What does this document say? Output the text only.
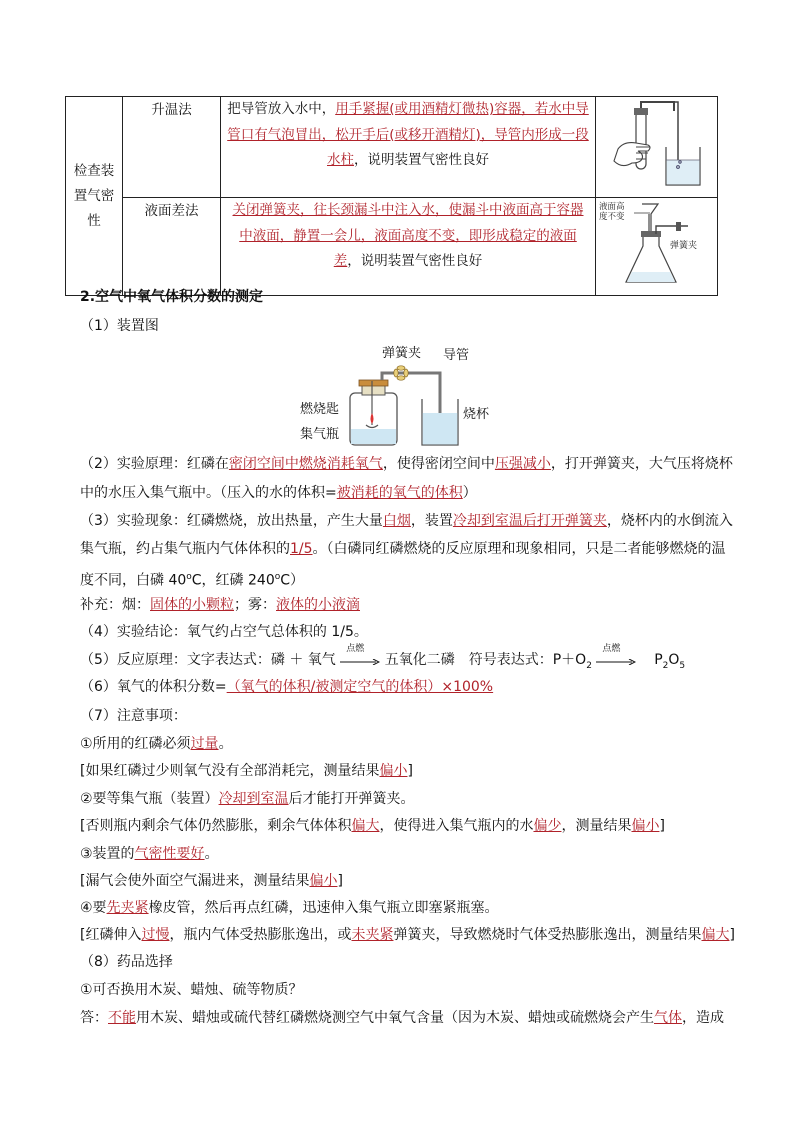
检查装置气密性	升温法	把导管放入水中，用手紧握(或用酒精灯微热)容器，若水中导管口有气泡冒出，松开手后(或移开酒精灯)，导管内形成一段水柱，说明装置气密性良好	
	液面差法	关闭弹簧夹，往长颈漏斗中注入水，使漏斗中液面高于容器中液面，静置一会儿，液面高度不变，即形成稳定的液面差，说明装置气密性良好	液面高
度不变
弹簧夹
2.空气中氧气体积分数的测定
（1）装置图
弹簧夹 导管
燃烧匙
集气瓶
烧杯
（2）实验原理：红磷在密闭空间中燃烧消耗氧气，使得密闭空间中压强减小，打开弹簧夹，大气压将烧杯
中的水压入集气瓶中。（压入的水的体积=被消耗的氧气的体积）
（3）实验现象：红磷燃烧，放出热量，产生大量白烟，装置冷却到室温后打开弹簧夹，烧杯内的水倒流入
集气瓶，约占集气瓶内气体体积的1/5。（白磷同红磷燃烧的反应原理和现象相同，只是二者能够燃烧的温
度不同，白磷 40$^o$C，红磷 240$^o$C）
补充：烟：固体的小颗粒；雾：液体的小液滴
（4）实验结论：氧气约占空气总体积的 1/5。
（5）反应原理：文字表达式：磷 ＋ 氧气
点燃
五氧化二磷　符号表达式：$P+O_2$
点燃
$P_2O_5$
（6）氧气的体积分数=（氧气的体积/被测定空气的体积）×100%
（7）注意事项：
①所用的红磷必须过量。
[如果红磷过少则氧气没有全部消耗完，测量结果偏小]
②要等集气瓶（装置）冷却到室温后才能打开弹簧夹。
[否则瓶内剩余气体仍然膨胀，剩余气体体积偏大，使得进入集气瓶内的水偏少，测量结果偏小]
③装置的气密性要好。
[漏气会使外面空气漏进来，测量结果偏小]
④要先夹紧橡皮管，然后再点红磷，迅速伸入集气瓶立即塞紧瓶塞。
[红磷伸入过慢，瓶内气体受热膨胀逸出，或未夹紧弹簧夹，导致燃烧时气体受热膨胀逸出，测量结果偏大]
（8）药品选择
①可否换用木炭、蜡烛、硫等物质？
答：不能用木炭、蜡烛或硫代替红磷燃烧测空气中氧气含量（因为木炭、蜡烛或硫燃烧会产生气体，造成
